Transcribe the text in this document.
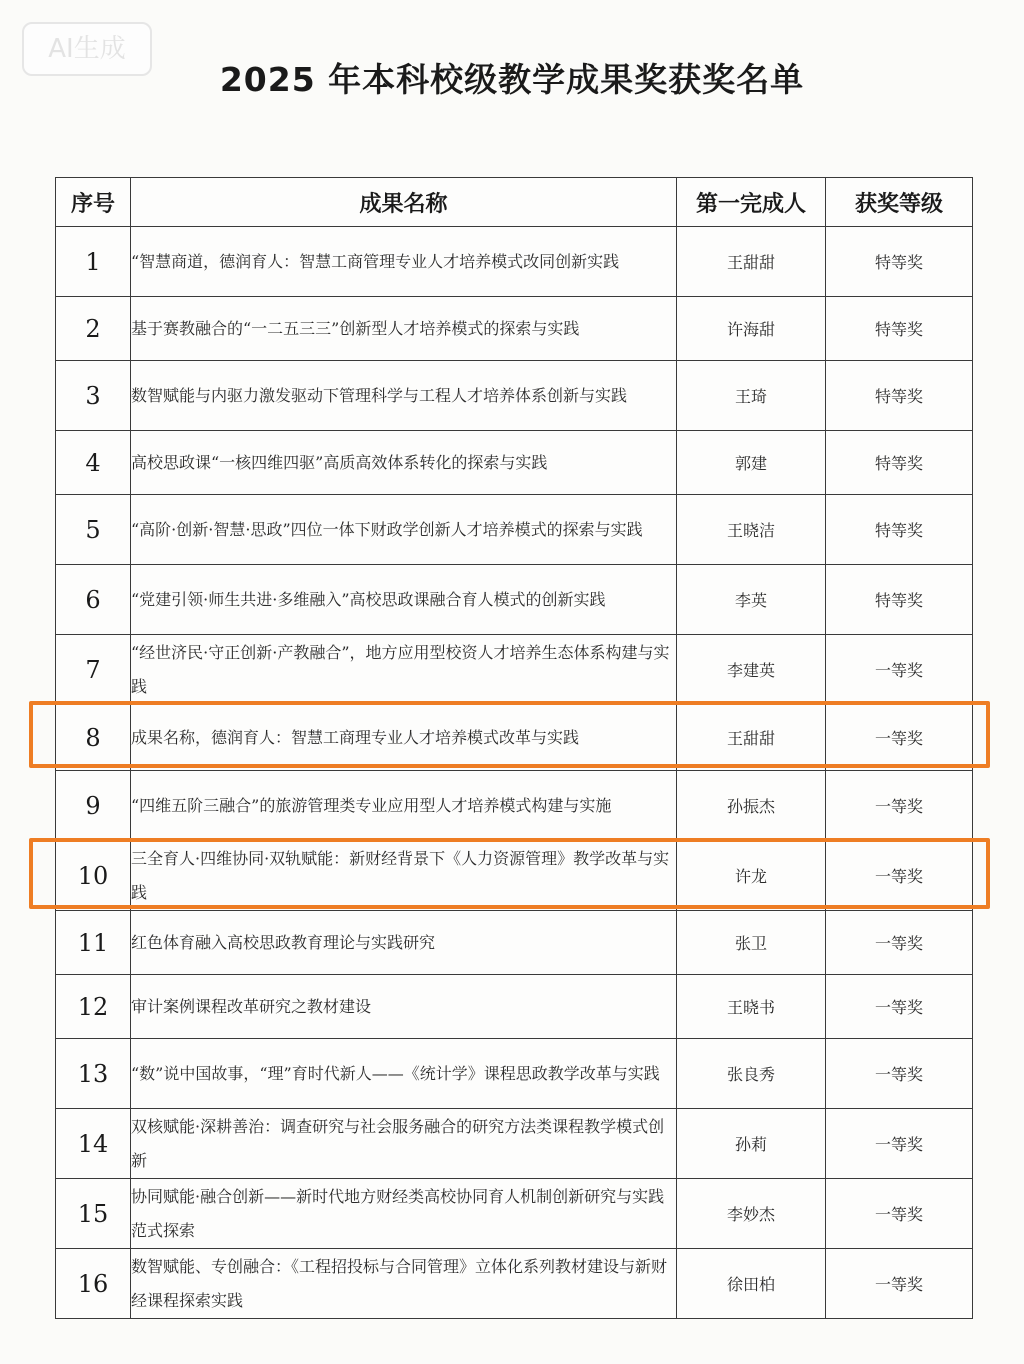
AI生成
2025 年本科校级教学成果奖获奖名单
序号	成果名称	第一完成人	获奖等级
1	“智慧商道，德润育人：智慧工商管理专业人才培养模式改同创新实践	王甜甜	特等奖
2	基于赛教融合的“一二五三三”创新型人才培养模式的探索与实践	许海甜	特等奖
3	数智赋能与内驱力激发驱动下管理科学与工程人才培养体系创新与实践	王琦	特等奖
4	高校思政课“一核四维四驱”高质高效体系转化的探索与实践	郭建	特等奖
5	“高阶·创新·智慧·思政”四位一体下财政学创新人才培养模式的探索与实践	王晓洁	特等奖
6	“党建引领·师生共进·多维融入”高校思政课融合育人模式的创新实践	李英	特等奖
7	“经世济民·守正创新·产教融合”，地方应用型校资人才培养生态体系构建与实践	李建英	一等奖
8	成果名称，德润育人：智慧工商理专业人才培养模式改革与实践	王甜甜	一等奖
9	“四维五阶三融合”的旅游管理类专业应用型人才培养模式构建与实施	孙振杰	一等奖
10	三全育人·四维协同·双轨赋能：新财经背景下《人力资源管理》教学改革与实践	许龙	一等奖
11	红色体育融入高校思政教育理论与实践研究	张卫	一等奖
12	审计案例课程改革研究之教材建设	王晓书	一等奖
13	“数”说中国故事，“理”育时代新人——《统计学》课程思政教学改革与实践	张良秀	一等奖
14	双核赋能·深耕善治：调查研究与社会服务融合的研究方法类课程教学模式创新	孙莉	一等奖
15	协同赋能·融合创新——新时代地方财经类高校协同育人机制创新研究与实践范式探索	李妙杰	一等奖
16	数智赋能、专创融合：《工程招投标与合同管理》立体化系列教材建设与新财经课程探索实践	徐田柏	一等奖
